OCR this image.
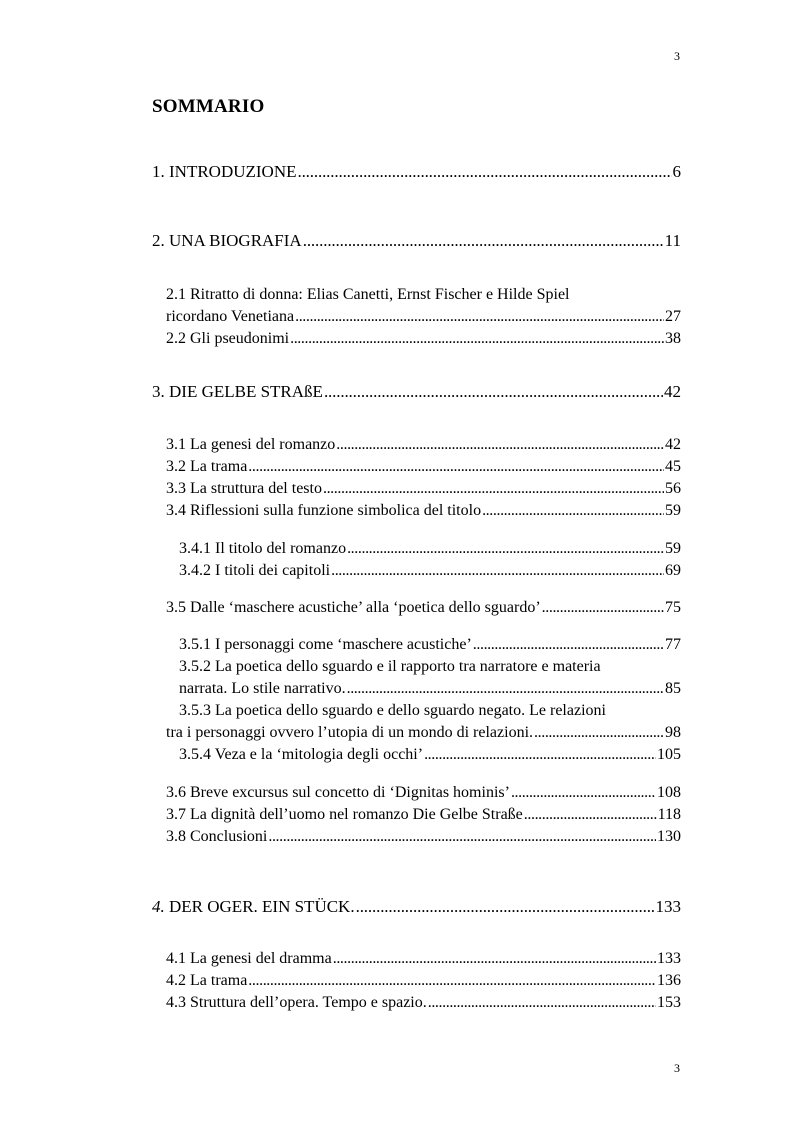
3
SOMMARIO
1. INTRODUZIONE . . .	6
2. UNA BIOGRAFIA . . .	11
2.1 Ritratto di donna: Elias Canetti, Ernst Fischer e Hilde Spiel
ricordano Venetiana . . .	27
2.2 Gli pseudonimi . . .	38
3. DIE GELBE STRAßE . . .	42
3.1 La genesi del romanzo . . .	42
3.2 La trama . . .	45
3.3 La struttura del testo . . .	56
3.4 Riflessioni sulla funzione simbolica del titolo . . .	59
3.4.1 Il titolo del romanzo . . .	59
3.4.2 I titoli dei capitoli . . .	69
3.5 Dalle ‘maschere acustiche’ alla ‘poetica dello sguardo’ . . .	75
3.5.1 I personaggi come ‘maschere acustiche’ . . .	77
3.5.2 La poetica dello sguardo e il rapporto tra narratore e materia
narrata. Lo stile narrativo. . . .	85
3.5.3 La poetica dello sguardo e dello sguardo negato. Le relazioni
tra i personaggi ovvero l’utopia di un mondo di relazioni. . . .	98
3.5.4 Veza e la ‘mitologia degli occhi’ . . .	105
3.6 Breve excursus sul concetto di ‘Dignitas hominis’ . . .	108
3.7 La dignità dell’uomo nel romanzo Die Gelbe Straße . . .	118
3.8 Conclusioni . . .	130
4. DER OGER. EIN STÜCK. . . .	133
4.1 La genesi del dramma . . .	133
4.2 La trama . . .	136
4.3 Struttura dell’opera. Tempo e spazio. . . .	153
3
